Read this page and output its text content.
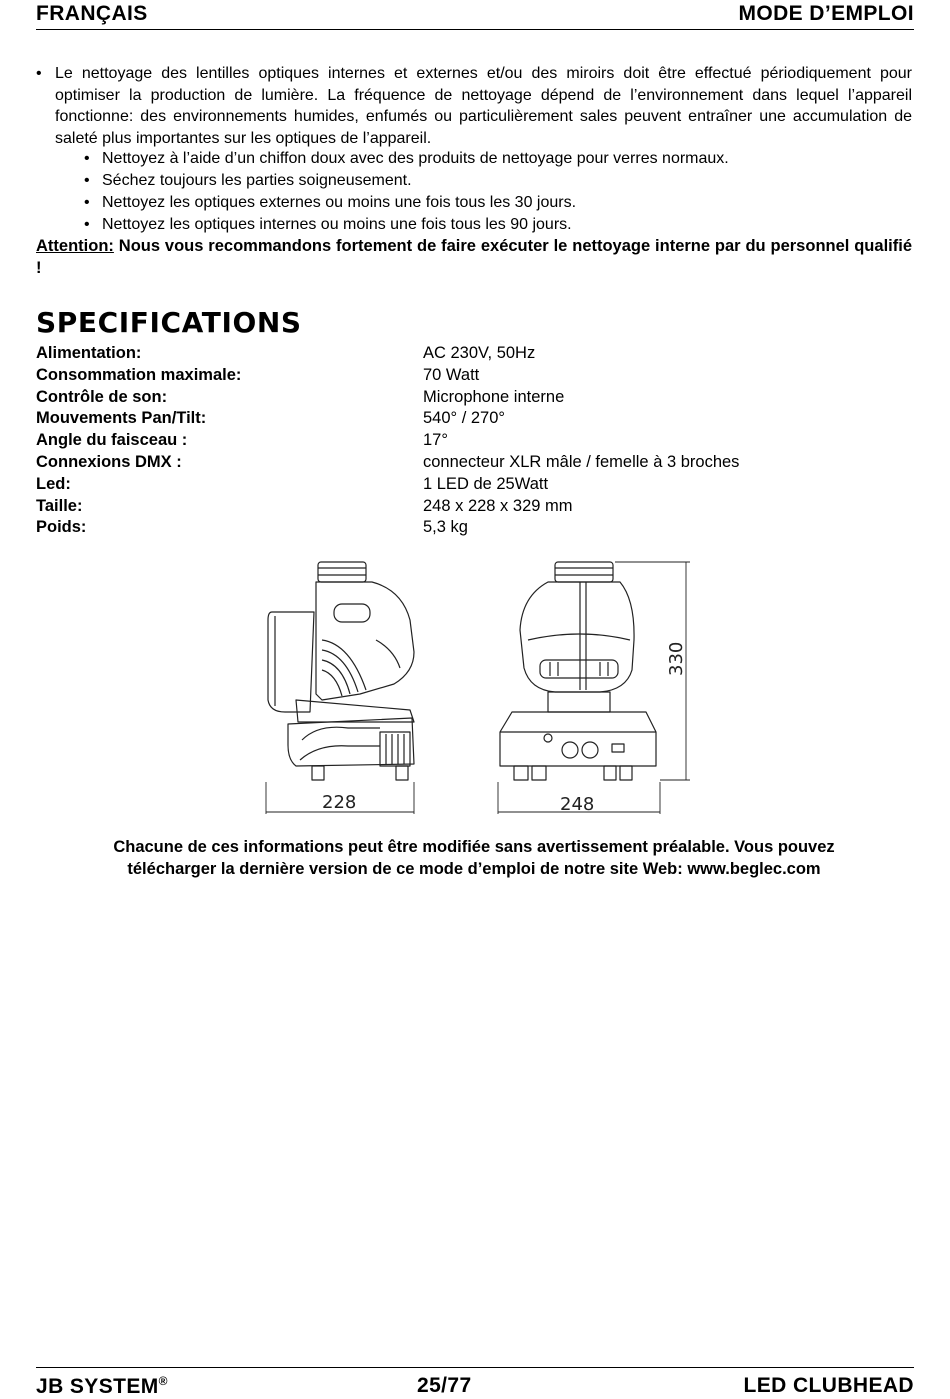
FRANÇAIS	MODE D’EMPLOI
• Le nettoyage des lentilles optiques internes et externes et/ou des miroirs doit être effectué périodiquement pour optimiser la production de lumière. La fréquence de nettoyage dépend de l’environnement dans lequel l’appareil fonctionne: des environnements humides, enfumés ou particulièrement sales peuvent entraîner une accumulation de saleté plus importantes sur les optiques de l’appareil.
• Nettoyez à l’aide d’un chiffon doux avec des produits de nettoyage pour verres normaux.
• Séchez toujours les parties soigneusement.
• Nettoyez les optiques externes ou moins une fois tous les 30 jours.
• Nettoyez les optiques internes ou moins une fois tous les 90 jours.
Attention: Nous vous recommandons fortement de faire exécuter le nettoyage interne par du personnel qualifié !
SPECIFICATIONS
Alimentation:	AC 230V, 50Hz
Consommation maximale:	70 Watt
Contrôle de son:	Microphone interne
Mouvements Pan/Tilt:	540° / 270°
Angle du faisceau :	17°
Connexions DMX :	connecteur XLR mâle / femelle à 3 broches
Led:	1 LED de 25Watt
Taille:	248 x 228 x 329 mm
Poids:	5,3 kg
228	248
330
Chacune de ces informations peut être modifiée sans avertissement préalable. Vous pouvez
télécharger la dernière version de ce mode d’emploi de notre site Web: www.beglec.com
JB SYSTEM®	25/77	LED CLUBHEAD
